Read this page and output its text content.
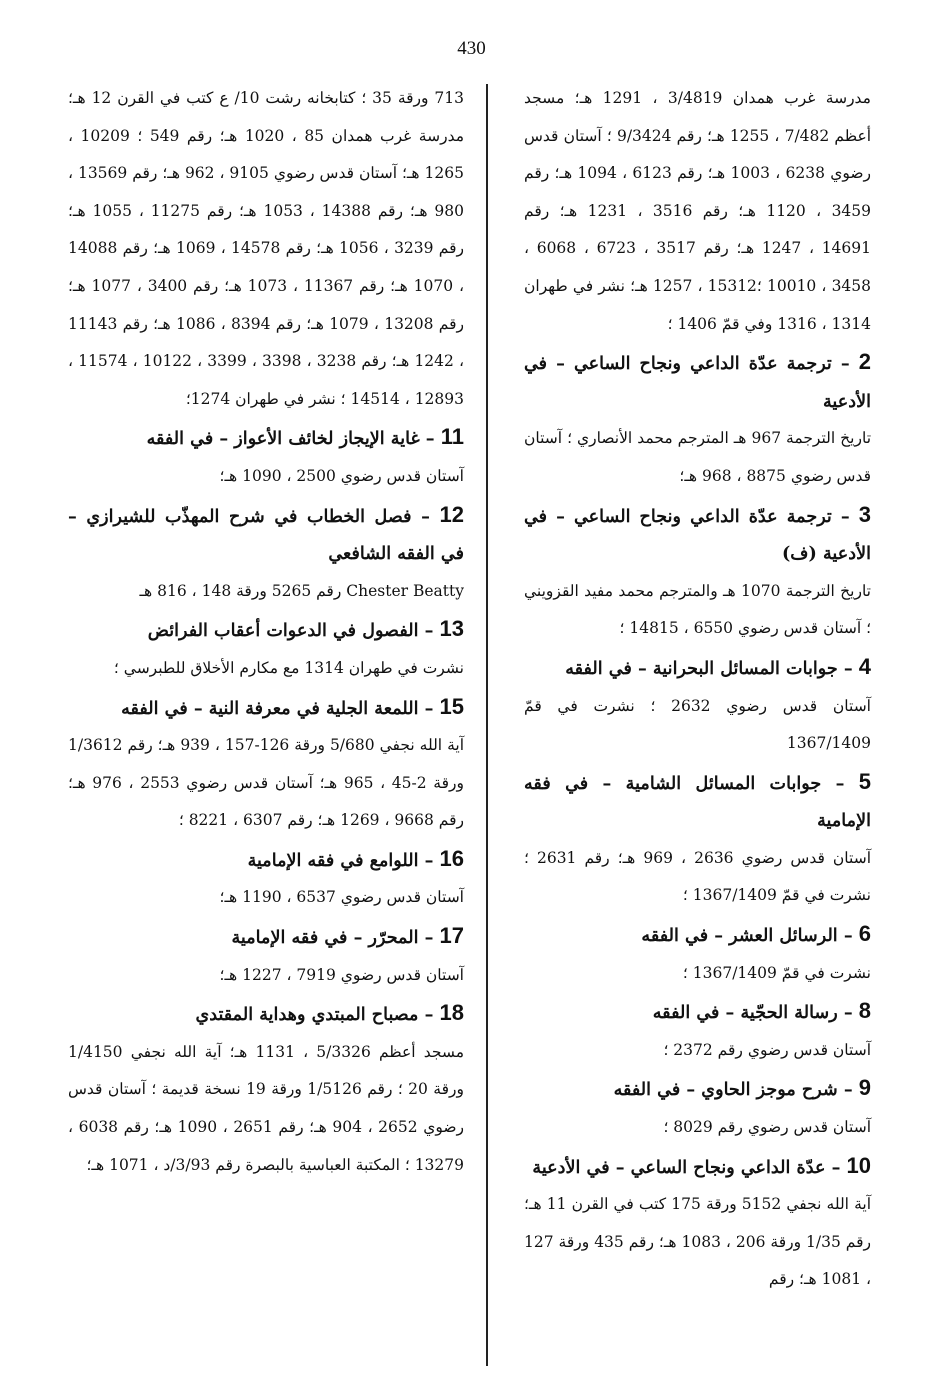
430

مدرسة غرب همدان 3/4819 ، 1291 هـ؛ مسجد أعظم 7/482 ، 1255 هـ؛ رقم 9/3424 ؛ آستان قدس رضوي 6238 ، 1003 هـ؛ رقم 6123 ، 1094 هـ؛ رقم 3459 ، 1120 هـ؛ رقم 3516 ، 1231 هـ؛ رقم 14691 ، 1247 هـ؛ رقم 3517 ، 6723 ، 6068 ، 3458 ، 10010 ؛15312 ، 1257 هـ؛ نشر في طهران 1314 ، 1316 وفي قمّ 1406 ؛

2 – ترجمة عدّة الداعي ونجاح الساعي – في الأدعية

تاريخ الترجمة 967 هـ المترجم محمد الأنصاري ؛ آستان قدس رضوي 8875 ، 968 هـ؛

3 – ترجمة عدّة الداعي ونجاح الساعي – في الأدعية (ف)

تاريخ الترجمة 1070 هـ والمترجم محمد مفيد القزويني ؛ آستان قدس رضوي 6550 ، 14815 ؛

4 – جوابات المسائل البحرانية – في الفقه

آستان قدس رضوي 2632 ؛ نشرت في قمّ 1367/1409

5 – جوابات المسائل الشامية – في فقه الإمامية

آستان قدس رضوي 2636 ، 969 هـ؛ رقم 2631 ؛ نشرت في قمّ 1367/1409 ؛

6 – الرسائل العشر – في الفقه

نشرت في قمّ 1367/1409 ؛

8 – رسالة الحجّية – في الفقه

آستان قدس رضوي رقم 2372 ؛

9 – شرح موجز الحاوي – في الفقه

آستان قدس رضوي رقم 8029 ؛

10 – عدّة الداعي ونجاح الساعي – في الأدعية

آية الله نجفي 5152 ورقة 175 كتب في القرن 11 هـ؛ رقم 1/35 ورقة 206 ، 1083 هـ؛ رقم 435 ورقة 127 ، 1081 هـ؛ رقم

713 ورقة 35 ؛ كتابخانه رشت 10/ ع كتب في القرن 12 هـ؛ مدرسة غرب همدان 85 ، 1020 هـ؛ رقم 549 ؛ 10209 ، 1265 هـ؛ آستان قدس رضوي 9105 ، 962 هـ؛ رقم 13569 ، 980 هـ؛ رقم 14388 ، 1053 هـ؛ رقم 11275 ، 1055 هـ؛ رقم 3239 ، 1056 هـ؛ رقم 14578 ، 1069 هـ؛ رقم 14088 ، 1070 هـ؛ رقم 11367 ، 1073 هـ؛ رقم 3400 ، 1077 هـ؛ رقم 13208 ، 1079 هـ؛ رقم 8394 ، 1086 هـ؛ رقم 11143 ، 1242 هـ؛ رقم 3238 ، 3398 ، 3399 ، 10122 ، 11574 ، 12893 ، 14514 ؛ نشر في طهران 1274؛

11 – غاية الإيجاز لخائف الأعواز – في الفقه

آستان قدس رضوي 2500 ، 1090 هـ؛

12 – فصل الخطاب في شرح المهذّب للشيرازي – في الفقه الشافعي

Chester Beatty رقم 5265 ورقة 148 ، 816 هـ

13 – الفصول في الدعوات أعقاب الفرائض

نشرت في طهران 1314 مع مكارم الأخلاق للطبرسي ؛

15 – اللمعة الجلية في معرفة النية – في الفقه

آية الله نجفي 5/680 ورقة 126-157 ، 939 هـ؛ رقم 1/3612 ورقة 2-45 ، 965 هـ؛ آستان قدس رضوي 2553 ، 976 هـ؛ رقم 9668 ، 1269 هـ؛ رقم 6307 ، 8221 ؛

16 – اللوامع في فقه الإمامية

آستان قدس رضوي 6537 ، 1190 هـ؛

17 – المحرّر – في فقه الإمامية

آستان قدس رضوي 7919 ، 1227 هـ؛

18 – مصباح المبتدي وهداية المقتدي

مسجد أعظم 5/3326 ، 1131 هـ؛ آية الله نجفي 1/4150 ورقة 20 ؛ رقم 1/5126 ورقة 19 نسخة قديمة ؛ آستان قدس رضوي 2652 ، 904 هـ؛ رقم 2651 ، 1090 هـ؛ رقم 6038 ، 13279 ؛ المكتبة العباسية بالبصرة رقم 3/93/د ، 1071 هـ؛
